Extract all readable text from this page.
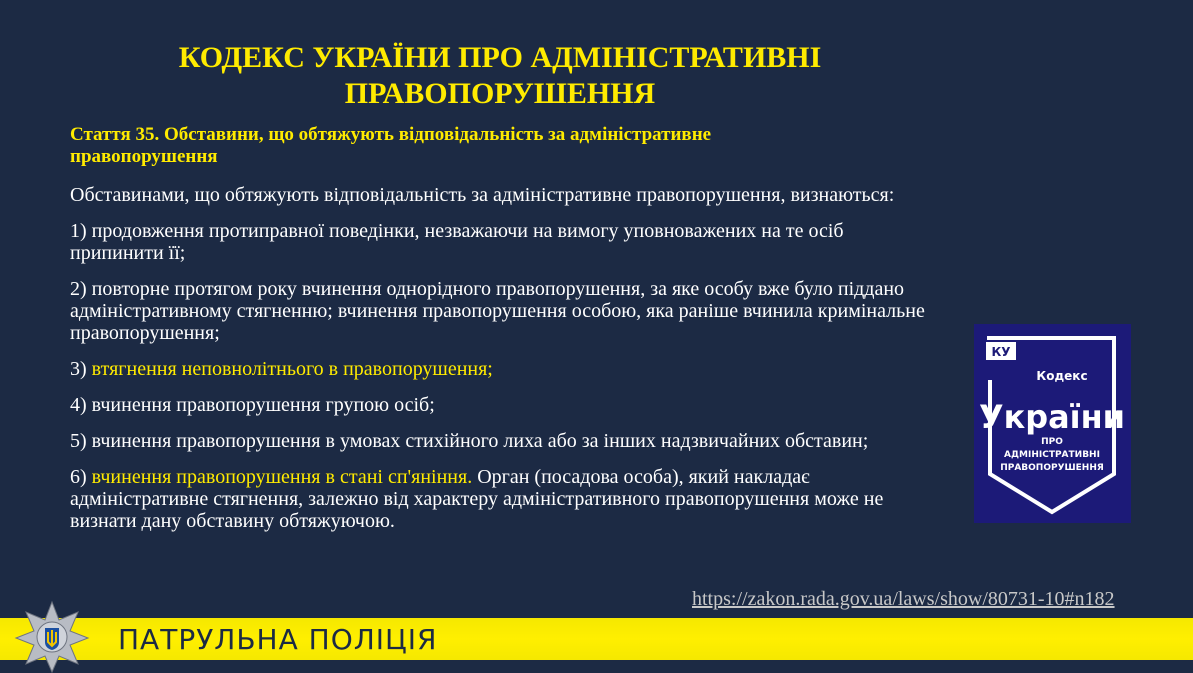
КОДЕКС УКРАЇНИ ПРО АДМІНІСТРАТИВНІ
ПРАВОПОРУШЕННЯ
Стаття 35. Обставини, що обтяжують відповідальність за адміністративне
правопорушення

Обставинами, що обтяжують відповідальність за адміністративне правопорушення, визнаються:

1) продовження протиправної поведінки, незважаючи на вимогу уповноважених на те осіб припинити її;

2) повторне протягом року вчинення однорідного правопорушення, за яке особу вже було піддано адміністративному стягненню; вчинення правопорушення особою, яка раніше вчинила кримінальне правопорушення;

3) втягнення неповнолітнього в правопорушення;

4) вчинення правопорушення групою осіб;

5) вчинення правопорушення в умовах стихійного лиха або за інших надзвичайних обставин;

6) вчинення правопорушення в стані сп'яніння. Орган (посадова особа), який накладає адміністративне стягнення, залежно від характеру адміністративного правопорушення може не визнати дану обставину обтяжуючою.

КУ
Кодекс
України
ПРО
АДМІНІСТРАТИВНІ
ПРАВОПОРУШЕННЯ
https://zakon.rada.gov.ua/laws/show/80731-10#n182
ПАТРУЛЬНА ПОЛІЦІЯ
